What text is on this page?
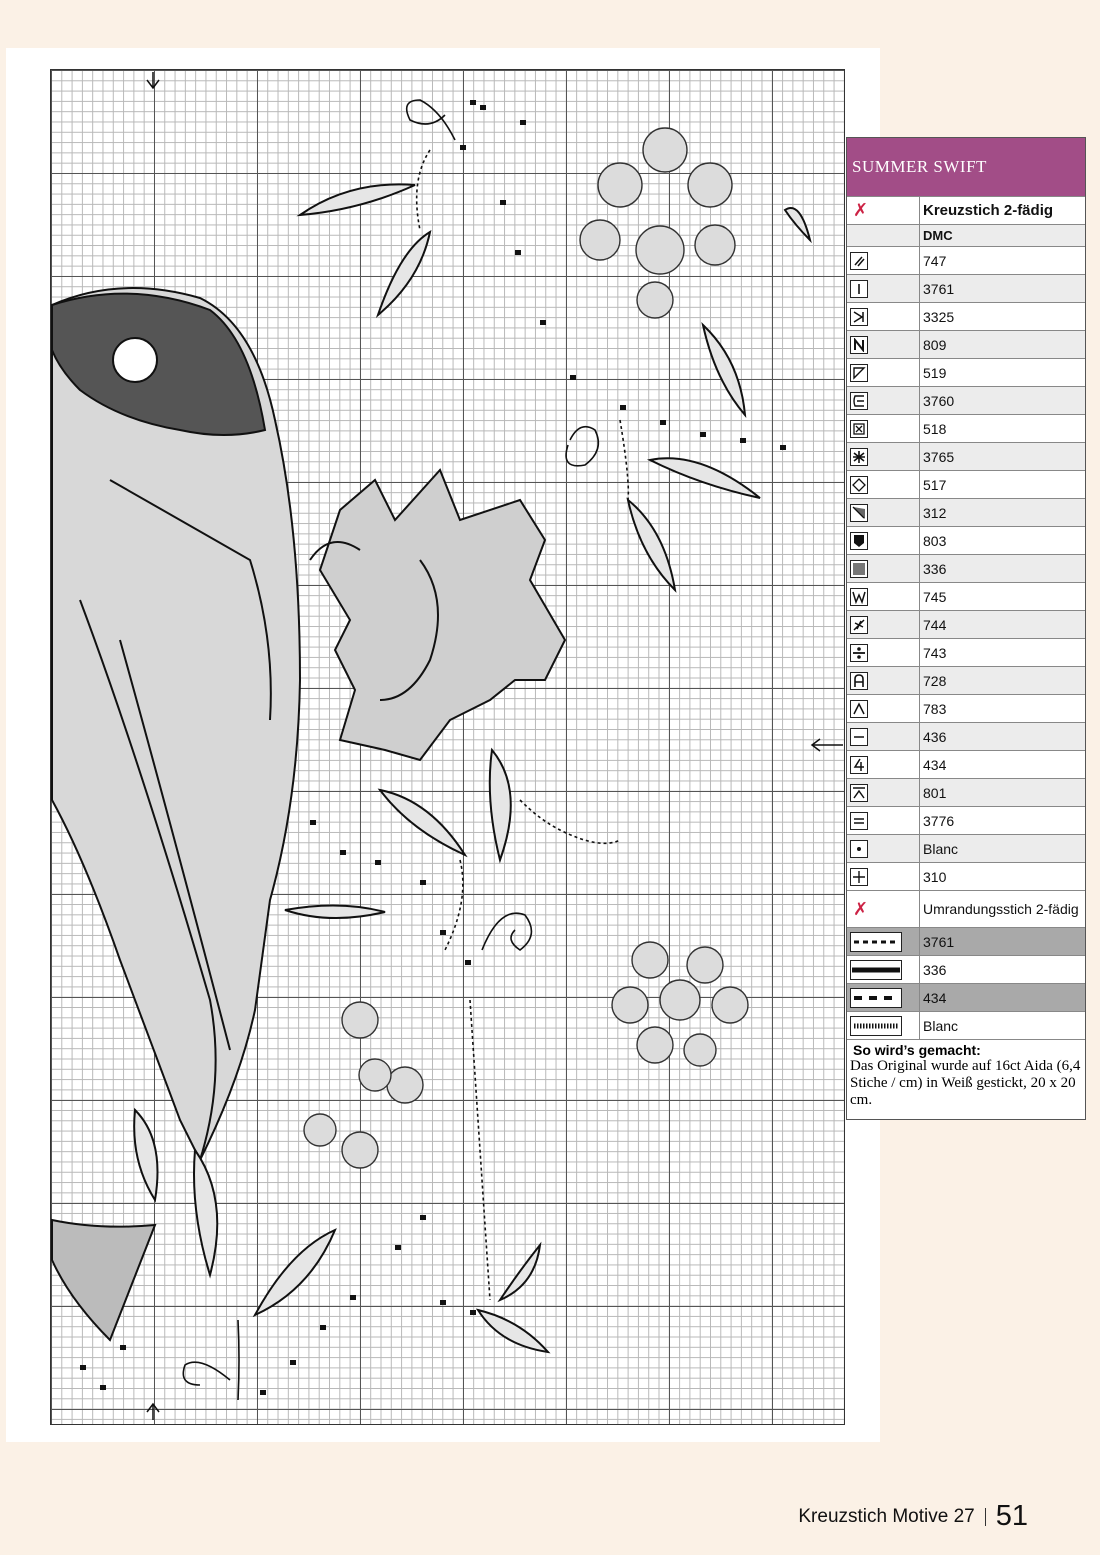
SUMMER SWIFT
✗	Kreuzstich 2-fädig
DMC
747
3761
3325
809
519
3760
518
3765
517
312
803
336
745
744
743
728
783
436
434
801
3776
Blanc
310
✗	Umrandungsstich 2-fädig
3761
336
434
Blanc
So wird’s gemacht:
Das Original wurde auf 16ct Aida (6,4 Stiche / cm) in Weiß gestickt, 20 x 20 cm.
Kreuzstich Motive 27 51
